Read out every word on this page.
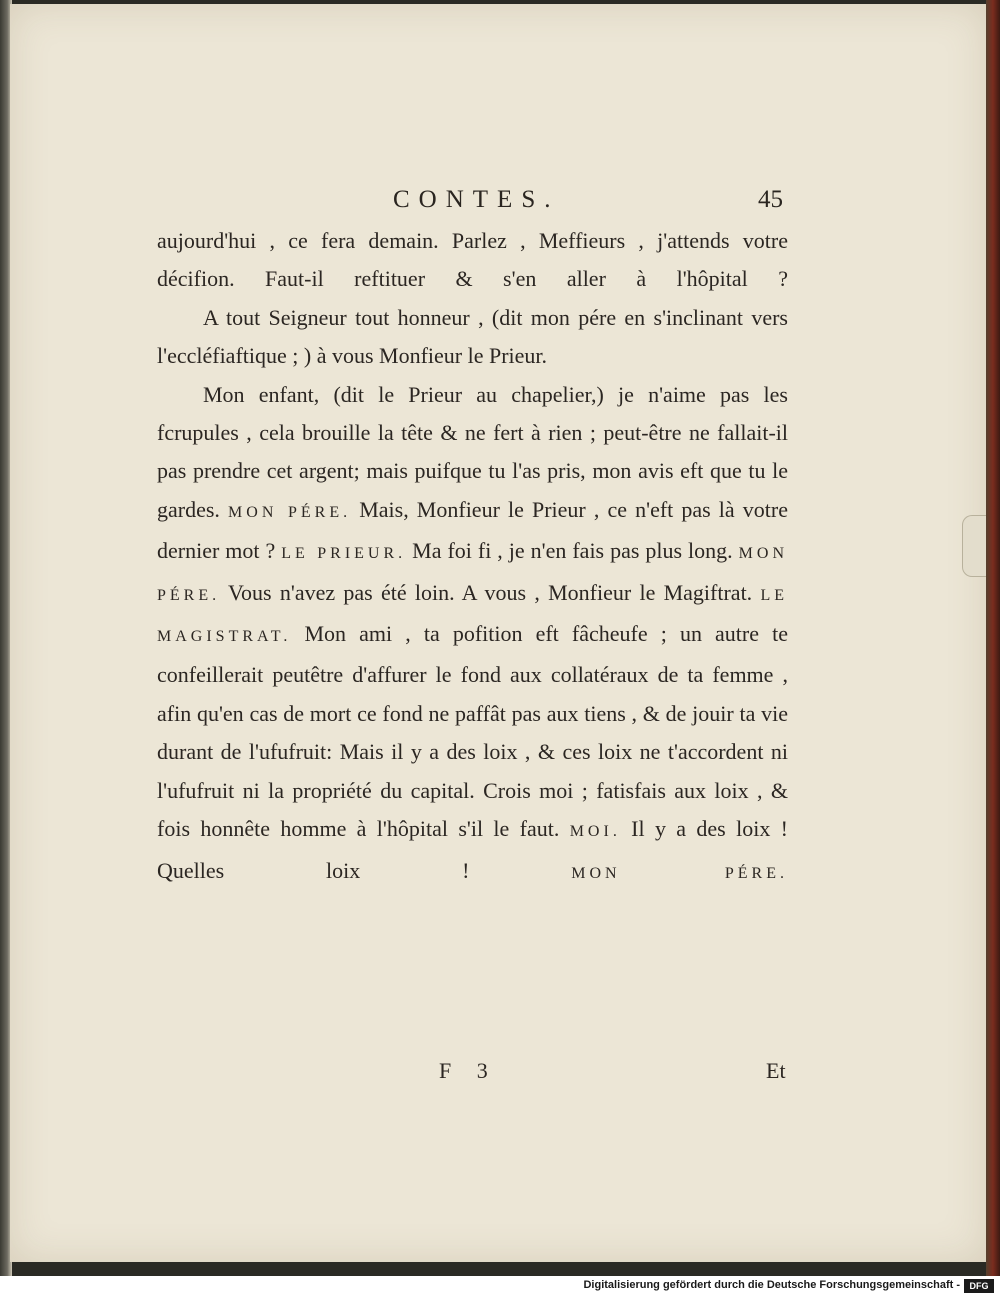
CONTES.	45

aujourd'hui , ce fera demain. Parlez , Meffieurs , j'attends votre décifion. Faut-il reftituer & s'en aller à l'hôpital ?

A tout Seigneur tout honneur , (dit mon pére en s'inclinant vers l'eccléfiaftique ; ) à vous Monfieur le Prieur.

Mon enfant, (dit le Prieur au chapelier,) je n'aime pas les fcrupules , cela brouille la tête & ne fert à rien ; peut-être ne fallait-il pas prendre cet argent; mais puifque tu l'as pris, mon avis eft que tu le gardes. MON PÉRE. Mais, Monfieur le Prieur , ce n'eft pas là votre dernier mot ? LE PRIEUR. Ma foi fi , je n'en fais pas plus long. MON PÉRE. Vous n'avez pas été loin. A vous , Monfieur le Magiftrat. LE MAGISTRAT. Mon ami , ta pofition eft fâcheufe ; un autre te confeillerait peutêtre d'affurer le fond aux collatéraux de ta femme , afin qu'en cas de mort ce fond ne paffât pas aux tiens , & de jouir ta vie durant de l'ufufruit: Mais il y a des loix , & ces loix ne t'accordent ni l'ufufruit ni la propriété du capital. Crois moi ; fatisfais aux loix , & fois honnête homme à l'hôpital s'il le faut. MOI. Il y a des loix ! Quelles loix ! MON PÉRE.

F 3	Et
Digitalisierung gefördert durch die Deutsche Forschungsgemeinschaft -	DFG
